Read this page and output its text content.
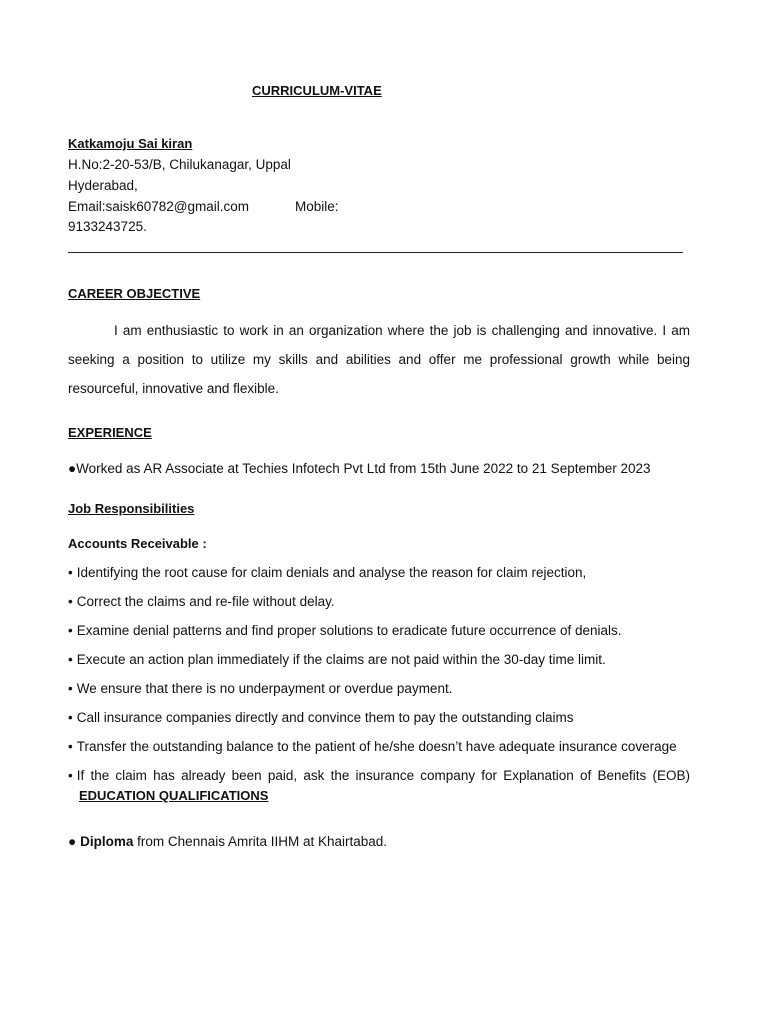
CURRICULUM-VITAE
Katkamoju Sai kiran
H.No:2-20-53/B, Chilukanagar, Uppal
Hyderabad,
Email:saisk60782@gmail.com	Mobile:
9133243725.
CAREER OBJECTIVE
I am enthusiastic to work in an organization where the job is challenging and innovative. I am seeking a position to utilize my skills and abilities and offer me professional growth while being resourceful, innovative and flexible.
EXPERIENCE
●Worked as AR Associate at Techies Infotech Pvt Ltd from 15th June 2022 to 21 September 2023
Job Responsibilities
Accounts Receivable :
• Identifying the root cause for claim denials and analyse the reason for claim rejection,
• Correct the claims and re-file without delay.
• Examine denial patterns and find proper solutions to eradicate future occurrence of denials.
• Execute an action plan immediately if the claims are not paid within the 30-day time limit.
• We ensure that there is no underpayment or overdue payment.
• Call insurance companies directly and convince them to pay the outstanding claims
• Transfer the outstanding balance to the patient of he/she doesn’t have adequate insurance coverage
• If the claim has already been paid, ask the insurance company for Explanation of Benefits (EOB)
EDUCATION QUALIFICATIONS
● Diploma from Chennais Amrita IIHM at Khairtabad.
